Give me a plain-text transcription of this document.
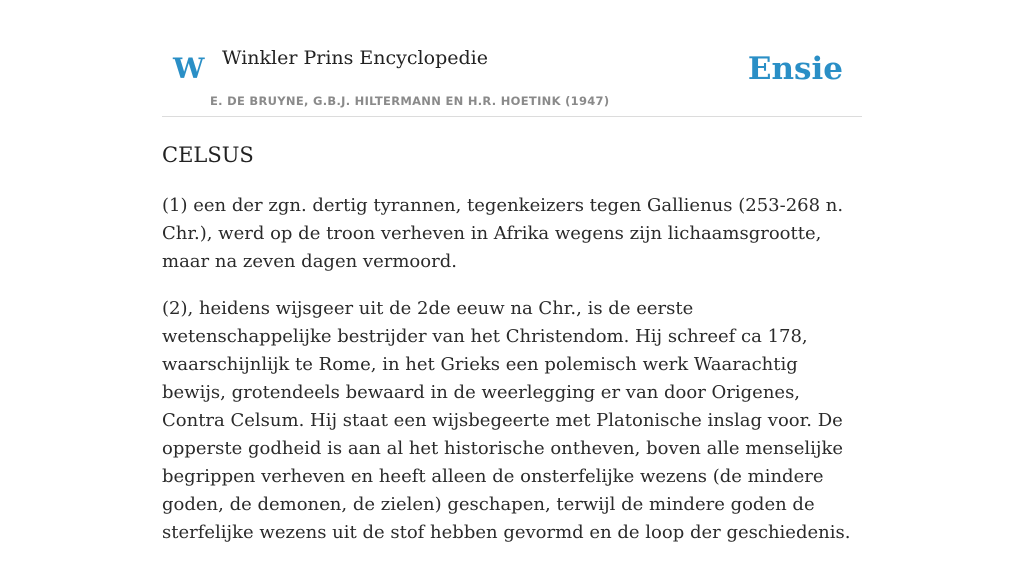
W Winkler Prins Encyclopedie
E. DE BRUYNE, G.B.J. HILTERMANN EN H.R. HOETINK (1947)
Ensie
CELSUS

(1) een der zgn. dertig tyrannen, tegenkeizers tegen Gallienus (253-268 n. Chr.), werd op de troon verheven in Afrika wegens zijn lichaamsgrootte, maar na zeven dagen vermoord.

(2), heidens wijsgeer uit de 2de eeuw na Chr., is de eerste wetenschappelijke bestrijder van het Christendom. Hij schreef ca 178, waarschijnlijk te Rome, in het Grieks een polemisch werk Waarachtig bewijs, grotendeels bewaard in de weerlegging er van door Origenes, Contra Celsum. Hij staat een wijsbegeerte met Platonische inslag voor. De opperste godheid is aan al het historische ontheven, boven alle menselijke begrippen verheven en heeft alleen de onsterfelijke wezens (de mindere goden, de demonen, de zielen) geschapen, terwijl de mindere goden de sterfelijke wezens uit de stof hebben gevormd en de loop der geschiedenis.
